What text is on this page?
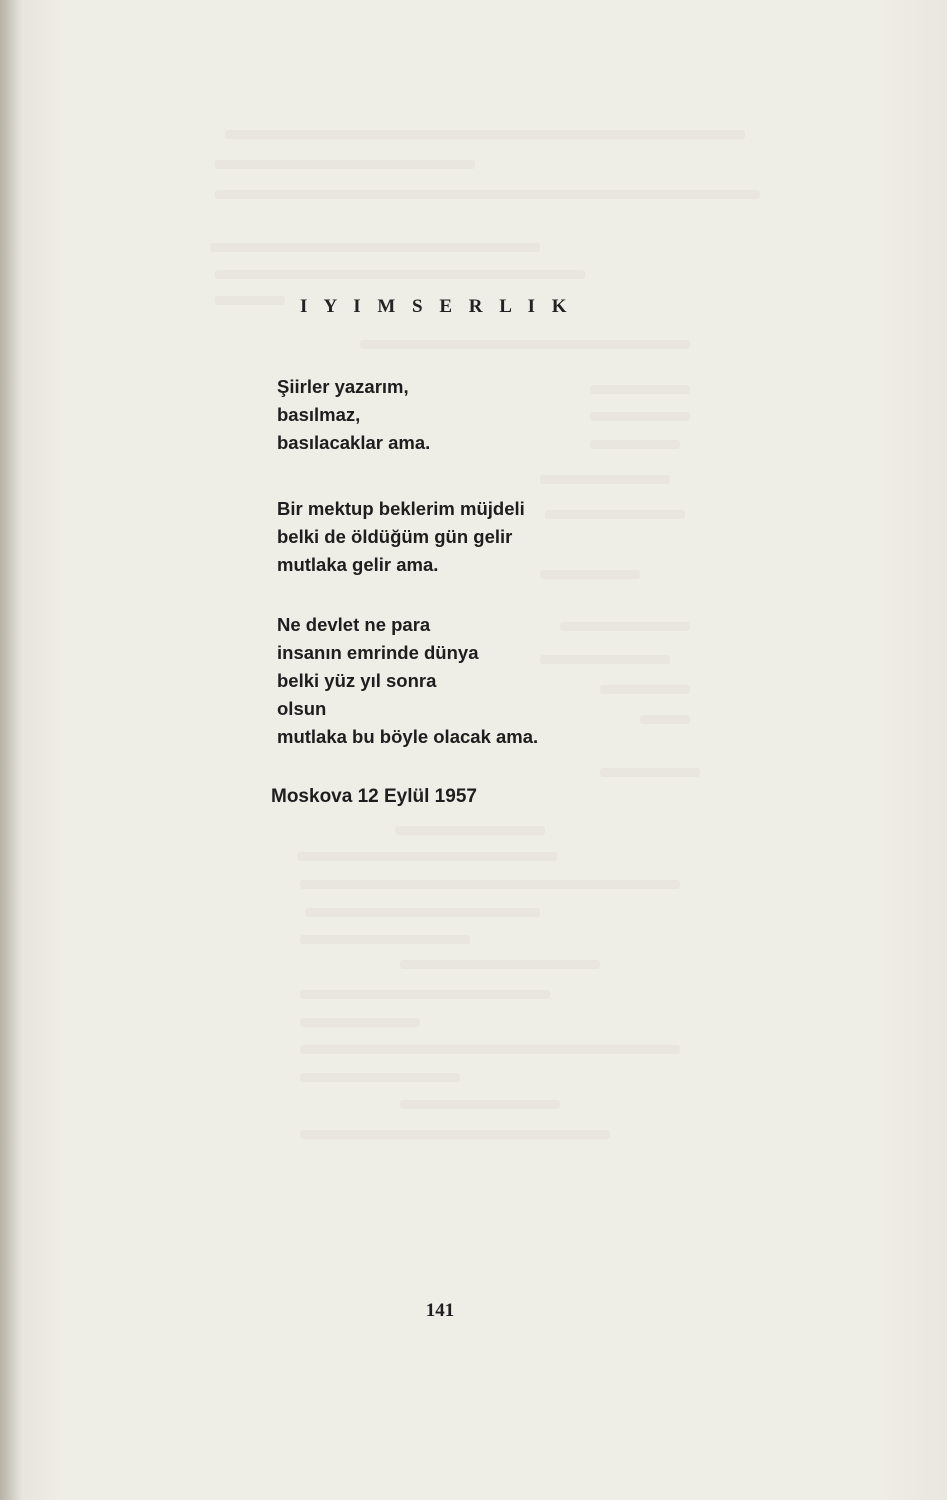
I Y I M S E R L I K
Şiirler yazarım,
basılmaz,
basılacaklar ama.
Bir mektup beklerim müjdeli
belki de öldüğüm gün gelir
mutlaka gelir ama.
Ne devlet ne para
insanın emrinde dünya
belki yüz yıl sonra
olsun
mutlaka bu böyle olacak ama.
Moskova 12 Eylül 1957
141
